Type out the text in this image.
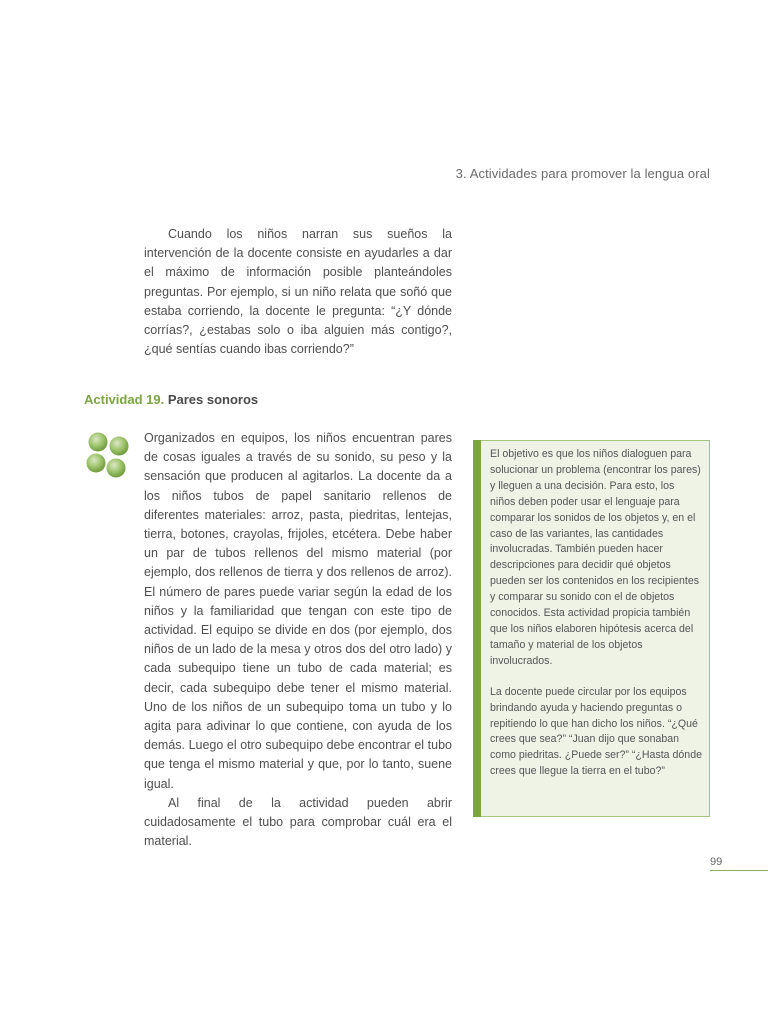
3. Actividades para promover la lengua oral

Cuando los niños narran sus sueños la intervención de la docente consiste en ayudarles a dar el máximo de información posible planteándoles preguntas. Por ejemplo, si un niño relata que soñó que estaba corriendo, la docente le pregunta: “¿Y dónde corrías?, ¿estabas solo o iba alguien más contigo?, ¿qué sentías cuando ibas corriendo?”

Actividad 19. Pares sonoros

Organizados en equipos, los niños encuentran pares de cosas iguales a través de su sonido, su peso y la sensación que producen al agitarlos. La docente da a los niños tubos de papel sanitario rellenos de diferentes materiales: arroz, pasta, piedritas, lentejas, tierra, botones, crayolas, frijoles, etcétera. Debe haber un par de tubos rellenos del mismo material (por ejemplo, dos rellenos de tierra y dos rellenos de arroz). El número de pares puede variar según la edad de los niños y la familiaridad que tengan con este tipo de actividad. El equipo se divide en dos (por ejemplo, dos niños de un lado de la mesa y otros dos del otro lado) y cada subequipo tiene un tubo de cada material; es decir, cada subequipo debe tener el mismo material. Uno de los niños de un subequipo toma un tubo y lo agita para adivinar lo que contiene, con ayuda de los demás. Luego el otro subequipo debe encontrar el tubo que tenga el mismo material y que, por lo tanto, suene igual.

Al final de la actividad pueden abrir cuidadosamente el tubo para comprobar cuál era el material.

El objetivo es que los niños dialoguen para solucionar un problema (encontrar los pares) y lleguen a una decisión. Para esto, los niños deben poder usar el lenguaje para comparar los sonidos de los objetos y, en el caso de las variantes, las cantidades involucradas. También pueden hacer descripciones para decidir qué objetos pueden ser los contenidos en los recipientes y comparar su sonido con el de objetos conocidos. Esta actividad propicia también que los niños elaboren hipótesis acerca del tamaño y material de los objetos involucrados.

La docente puede circular por los equipos brindando ayuda y haciendo preguntas o repitiendo lo que han dicho los niños. “¿Qué crees que sea?” “Juan dijo que sonaban como piedritas. ¿Puede ser?” “¿Hasta dónde crees que llegue la tierra en el tubo?”

99
